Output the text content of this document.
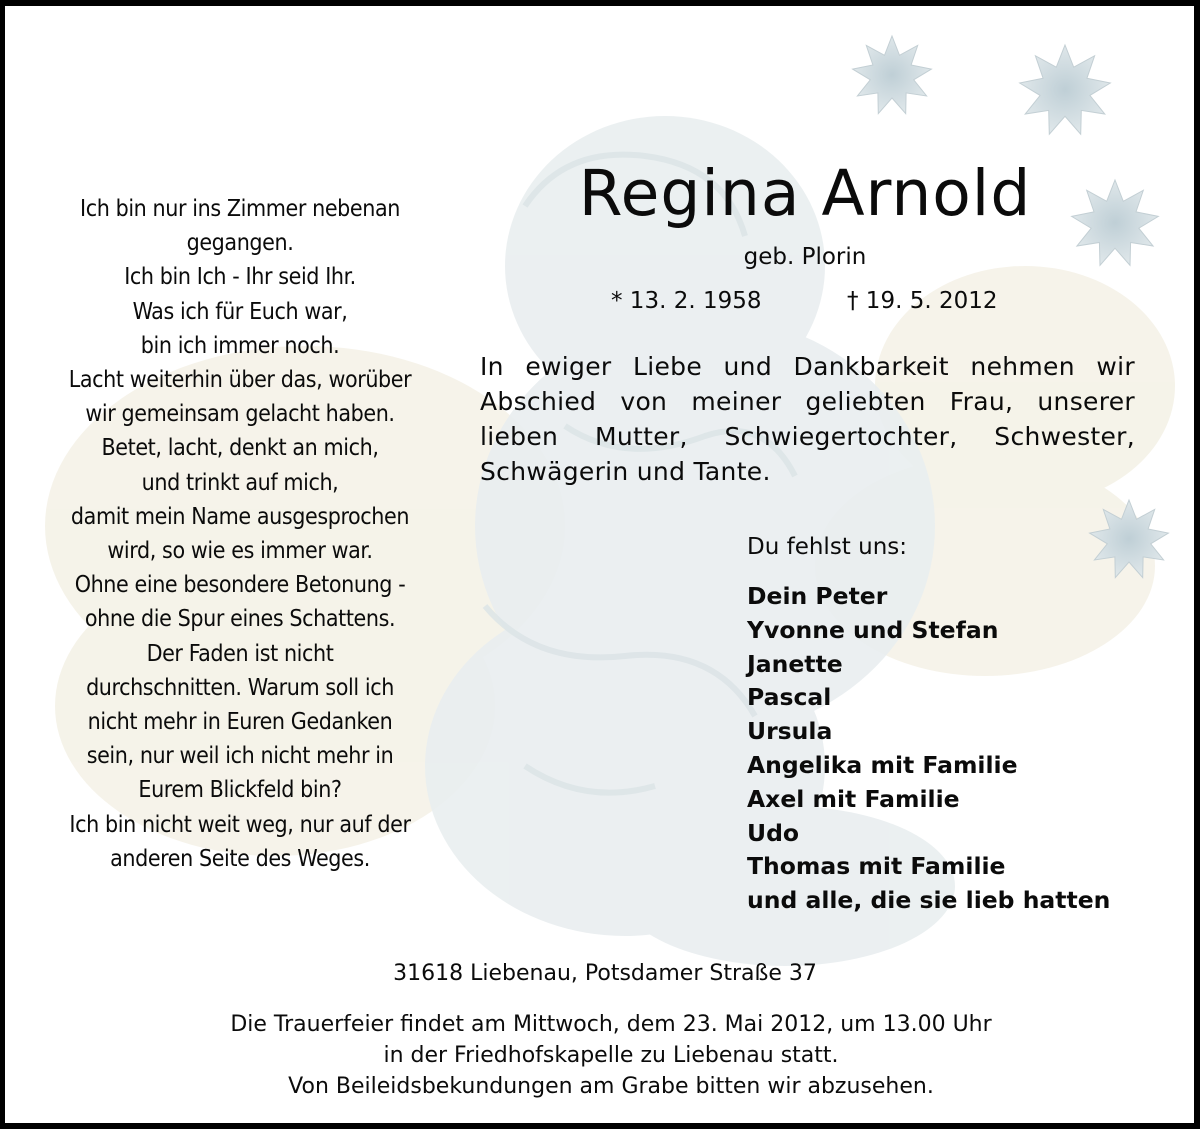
Ich bin nur ins Zimmer nebenan
gegangen.
Ich bin Ich - Ihr seid Ihr.
Was ich für Euch war,
bin ich immer noch.
Lacht weiterhin über das, worüber
wir gemeinsam gelacht haben.
Betet, lacht, denkt an mich,
und trinkt auf mich,
damit mein Name ausgesprochen
wird, so wie es immer war.
Ohne eine besondere Betonung -
ohne die Spur eines Schattens.
Der Faden ist nicht
durchschnitten. Warum soll ich
nicht mehr in Euren Gedanken
sein, nur weil ich nicht mehr in
Eurem Blickfeld bin?
Ich bin nicht weit weg, nur auf der
anderen Seite des Weges.
Regina Arnold
geb. Plorin
* 13. 2. 1958	† 19. 5. 2012
In ewiger Liebe und Dankbarkeit nehmen wir Abschied von meiner geliebten Frau, unserer lieben Mutter, Schwiegertochter, Schwester, Schwägerin und Tante.
Du fehlst uns:
Dein Peter
Yvonne und Stefan
Janette
Pascal
Ursula
Angelika mit Familie
Axel mit Familie
Udo
Thomas mit Familie
und alle, die sie lieb hatten
31618 Liebenau, Potsdamer Straße 37
Die Trauerfeier findet am Mittwoch, dem 23. Mai 2012, um 13.00 Uhr
in der Friedhofskapelle zu Liebenau statt.
Von Beileidsbekundungen am Grabe bitten wir abzusehen.
